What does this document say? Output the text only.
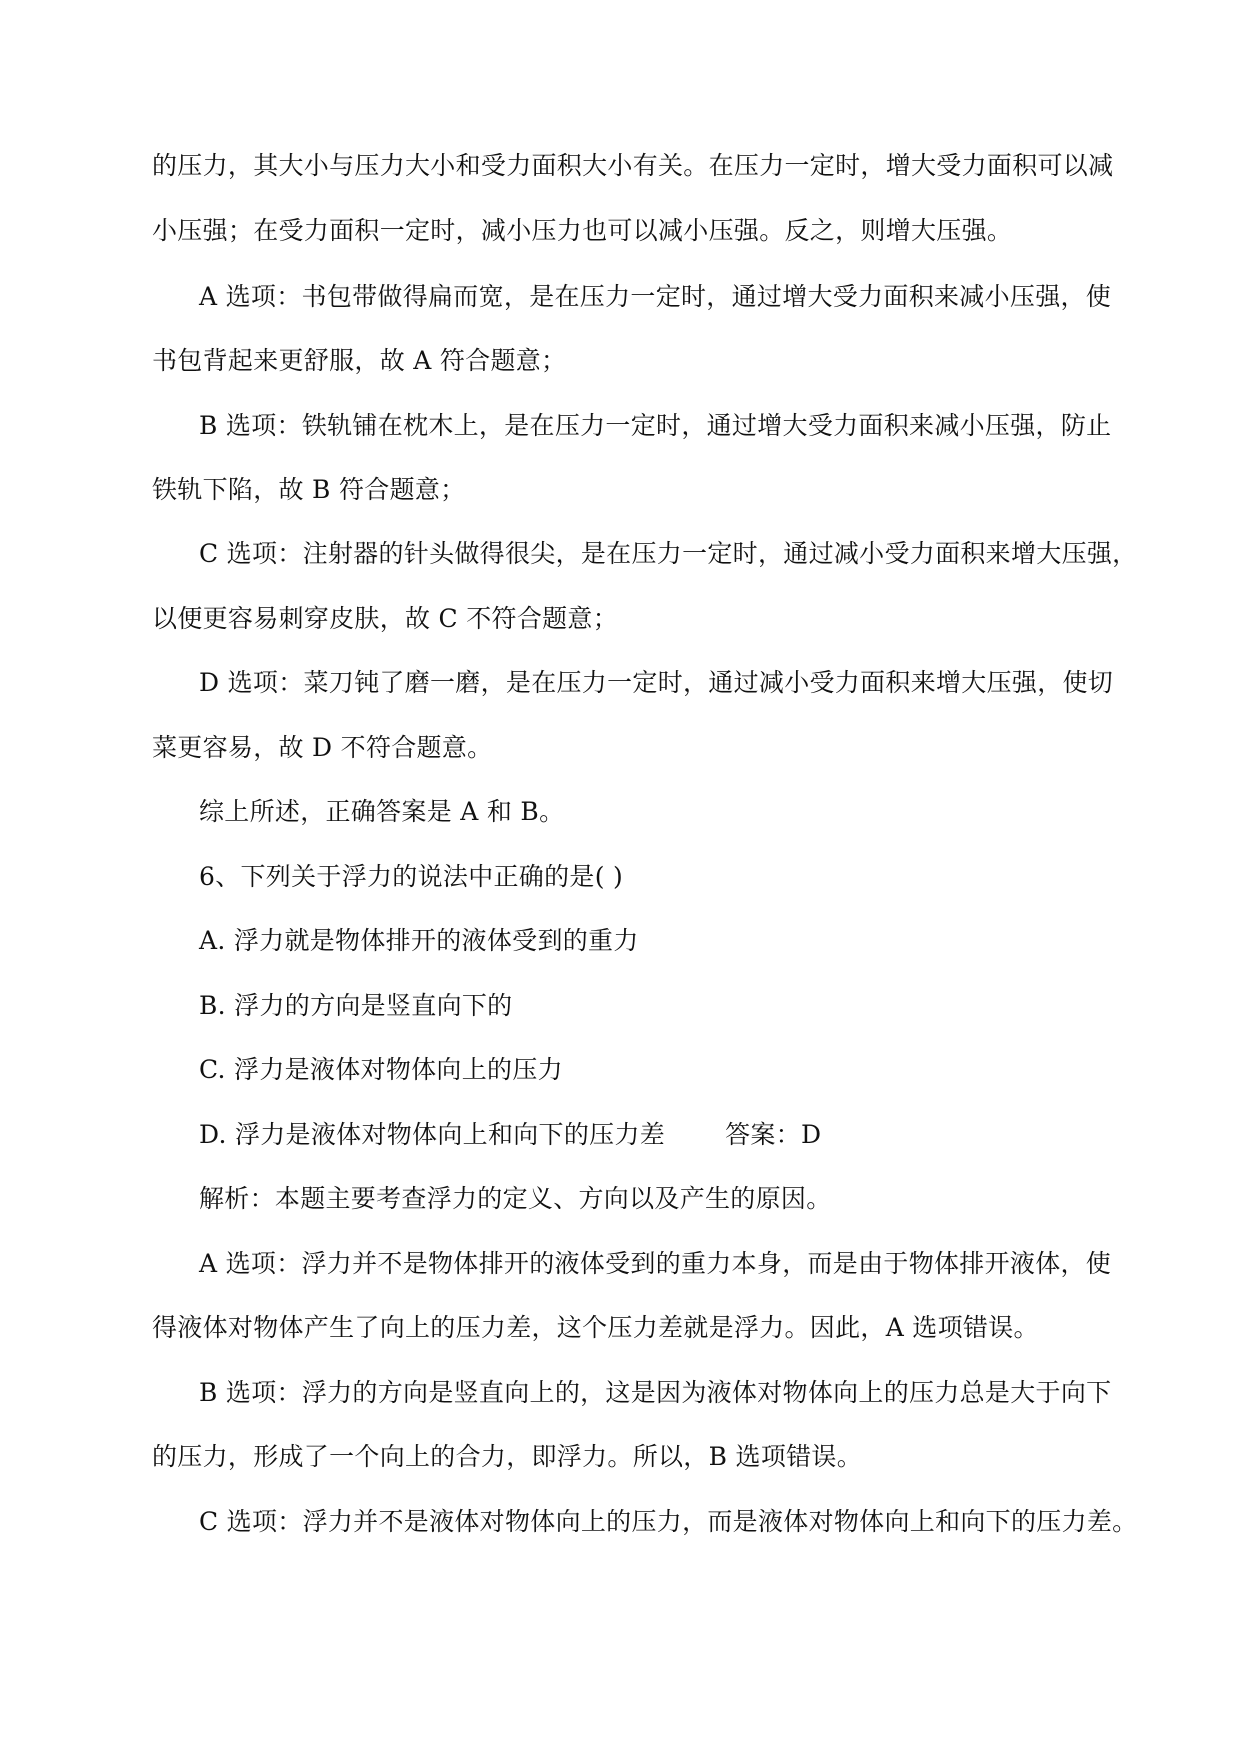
的压力，其大小与压力大小和受力面积大小有关。在压力一定时，增大受力面积可以减
小压强；在受力面积一定时，减小压力也可以减小压强。反之，则增大压强。
A 选项：书包带做得扁而宽，是在压力一定时，通过增大受力面积来减小压强，使
书包背起来更舒服，故 A 符合题意；
B 选项：铁轨铺在枕木上，是在压力一定时，通过增大受力面积来减小压强，防止
铁轨下陷，故 B 符合题意；
C 选项：注射器的针头做得很尖，是在压力一定时，通过减小受力面积来增大压强，
以便更容易刺穿皮肤，故 C 不符合题意；
D 选项：菜刀钝了磨一磨，是在压力一定时，通过减小受力面积来增大压强，使切
菜更容易，故 D 不符合题意。
综上所述，正确答案是 A 和 B。
6、下列关于浮力的说法中正确的是( )
A. 浮力就是物体排开的液体受到的重力
B. 浮力的方向是竖直向下的
C. 浮力是液体对物体向上的压力
D. 浮力是液体对物体向上和向下的压力差 答案：D
解析：本题主要考查浮力的定义、方向以及产生的原因。
A 选项：浮力并不是物体排开的液体受到的重力本身，而是由于物体排开液体，使
得液体对物体产生了向上的压力差，这个压力差就是浮力。因此，A 选项错误。
B 选项：浮力的方向是竖直向上的，这是因为液体对物体向上的压力总是大于向下
的压力，形成了一个向上的合力，即浮力。所以，B 选项错误。
C 选项：浮力并不是液体对物体向上的压力，而是液体对物体向上和向下的压力差。
